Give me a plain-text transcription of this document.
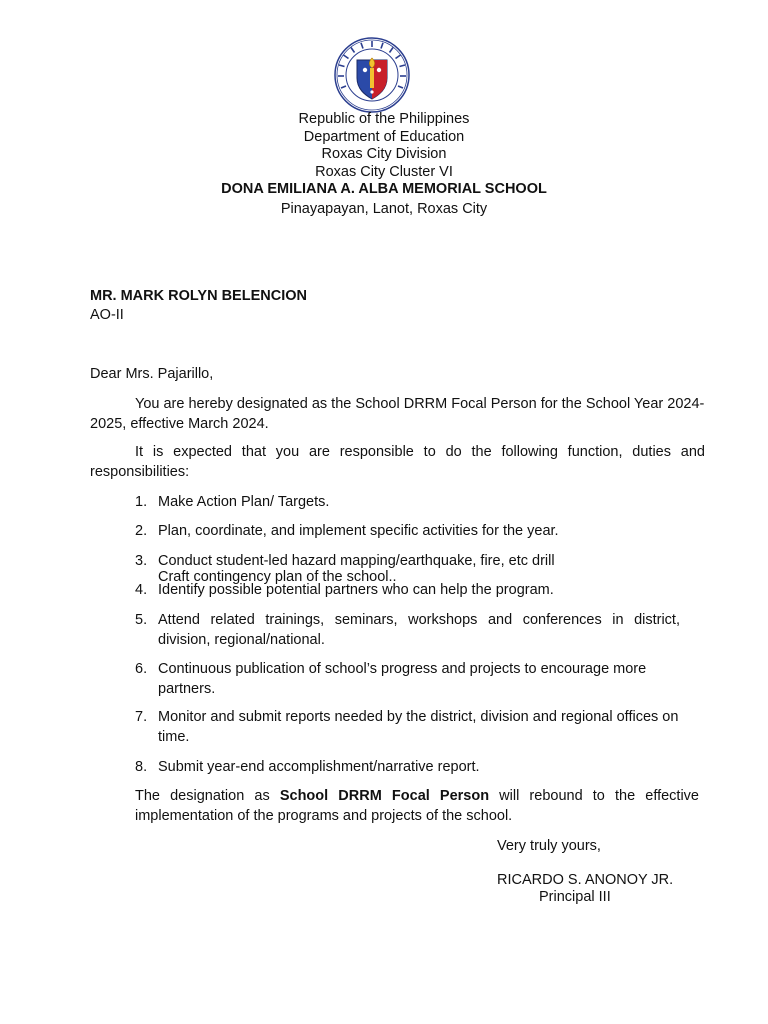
Republic of the Philippines
Department of Education
Roxas City Division
Roxas City Cluster VI
DONA EMILIANA A. ALBA MEMORIAL SCHOOL
Pinayapayan, Lanot, Roxas City
MR. MARK ROLYN BELENCION
AO-II
Dear Mrs. Pajarillo,
You are hereby designated as the School DRRM Focal Person for the School Year 2024-2025, effective March 2024.
It is expected that you are responsible to do the following function, duties and responsibilities:
1. Make Action Plan/ Targets.
2. Plan, coordinate, and implement specific activities for the year.
3. Conduct student-led hazard mapping/earthquake, fire, etc drill
Craft contingency plan of the school..
4. Identify possible potential partners who can help the program.
5. Attend related trainings, seminars, workshops and conferences in district, division, regional/national.
6. Continuous publication of school’s progress and projects to encourage more partners.
7. Monitor and submit reports needed by the district, division and regional offices on time.
8. Submit year-end accomplishment/narrative report.
The designation as School DRRM Focal Person will rebound to the effective implementation of the programs and projects of the school.
Very truly yours,
RICARDO S. ANONOY JR.
Principal III
